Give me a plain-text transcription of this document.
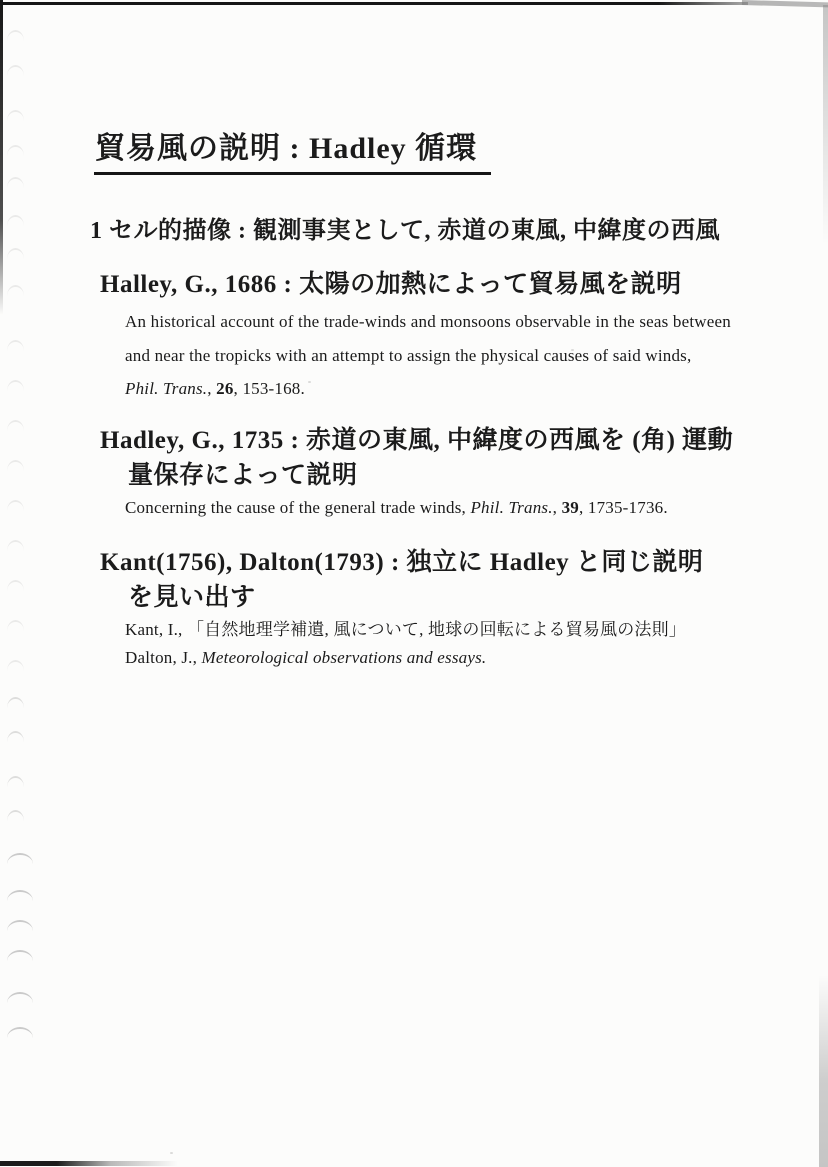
貿易風の説明 : Hadley 循環
1 セル的描像 : 観測事実として, 赤道の東風, 中緯度の西風
Halley, G., 1686 : 太陽の加熱によって貿易風を説明
An historical account of the trade-winds and monsoons observable in the seas between
and near the tropicks with an attempt to assign the physical causes of said winds,
Phil. Trans., 26, 153-168.
Hadley, G., 1735 : 赤道の東風, 中緯度の西風を (角) 運動
量保存によって説明
Concerning the cause of the general trade winds, Phil. Trans., 39, 1735-1736.
Kant(1756), Dalton(1793) : 独立に Hadley と同じ説明
を見い出す
Kant, I., 「自然地理学補遺, 風について, 地球の回転による貿易風の法則」
Dalton, J., Meteorological observations and essays.
